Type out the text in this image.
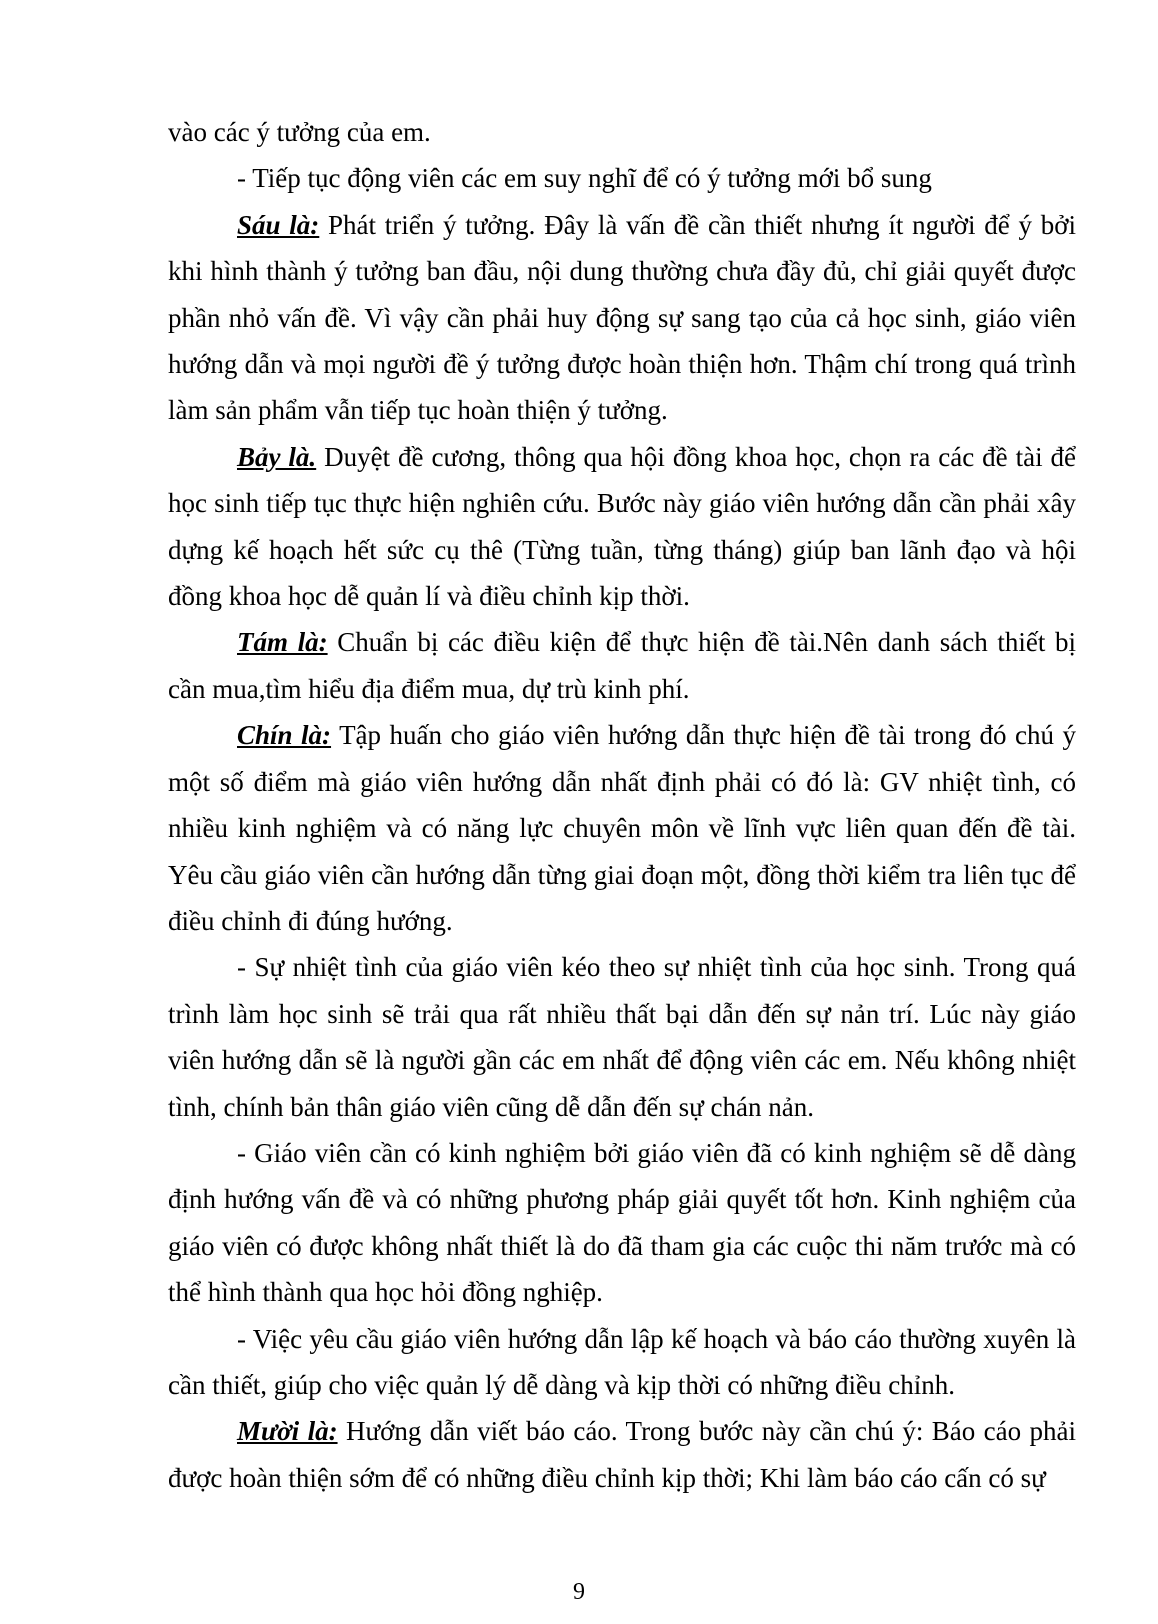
vào các ý tưởng của em.

- Tiếp tục động viên các em suy nghĩ để có ý tưởng mới bổ sung

Sáu là: Phát triển ý tưởng. Đây là vấn đề cần thiết nhưng ít người để ý bởi khi hình thành ý tưởng ban đầu, nội dung thường chưa đầy đủ, chỉ giải quyết được phần nhỏ vấn đề. Vì vậy cần phải huy động sự sang tạo của cả học sinh, giáo viên hướng dẫn và mọi người đề ý tưởng được hoàn thiện hơn. Thậm chí trong quá trình làm sản phẩm vẫn tiếp tục hoàn thiện ý tưởng.

Bảy là. Duyệt đề cương, thông qua hội đồng khoa học, chọn ra các đề tài để học sinh tiếp tục thực hiện nghiên cứu. Bước này giáo viên hướng dẫn cần phải xây dựng kế hoạch hết sức cụ thê (Từng tuần, từng tháng) giúp ban lãnh đạo và hội đồng khoa học dễ quản lí và điều chỉnh kịp thời.

Tám là: Chuẩn bị các điều kiện để thực hiện đề tài.Nên danh sách thiết bị cần mua,tìm hiểu địa điểm mua, dự trù kinh phí.

Chín là: Tập huấn cho giáo viên hướng dẫn thực hiện đề tài trong đó chú ý một số điểm mà giáo viên hướng dẫn nhất định phải có đó là: GV nhiệt tình, có nhiều kinh nghiệm và có năng lực chuyên môn về lĩnh vực liên quan đến đề tài. Yêu cầu giáo viên cần hướng dẫn từng giai đoạn một, đồng thời kiểm tra liên tục để điều chỉnh đi đúng hướng.

- Sự nhiệt tình của giáo viên kéo theo sự nhiệt tình của học sinh. Trong quá trình làm học sinh sẽ trải qua rất nhiều thất bại dẫn đến sự nản trí. Lúc này giáo viên hướng dẫn sẽ là người gần các em nhất để động viên các em. Nếu không nhiệt tình, chính bản thân giáo viên cũng dễ dẫn đến sự chán nản.

- Giáo viên cần có kinh nghiệm bởi giáo viên đã có kinh nghiệm sẽ dễ dàng định hướng vấn đề và có những phương pháp giải quyết tốt hơn. Kinh nghiệm của giáo viên có được không nhất thiết là do đã tham gia các cuộc thi năm trước mà có thể hình thành qua học hỏi đồng nghiệp.

- Việc yêu cầu giáo viên hướng dẫn lập kế hoạch và báo cáo thường xuyên là cần thiết, giúp cho việc quản lý dễ dàng và kịp thời có những điều chỉnh.

Mười là: Hướng dẫn viết báo cáo. Trong bước này cần chú ý: Báo cáo phải được hoàn thiện sớm để có những điều chỉnh kịp thời; Khi làm báo cáo cấn có sự

9
